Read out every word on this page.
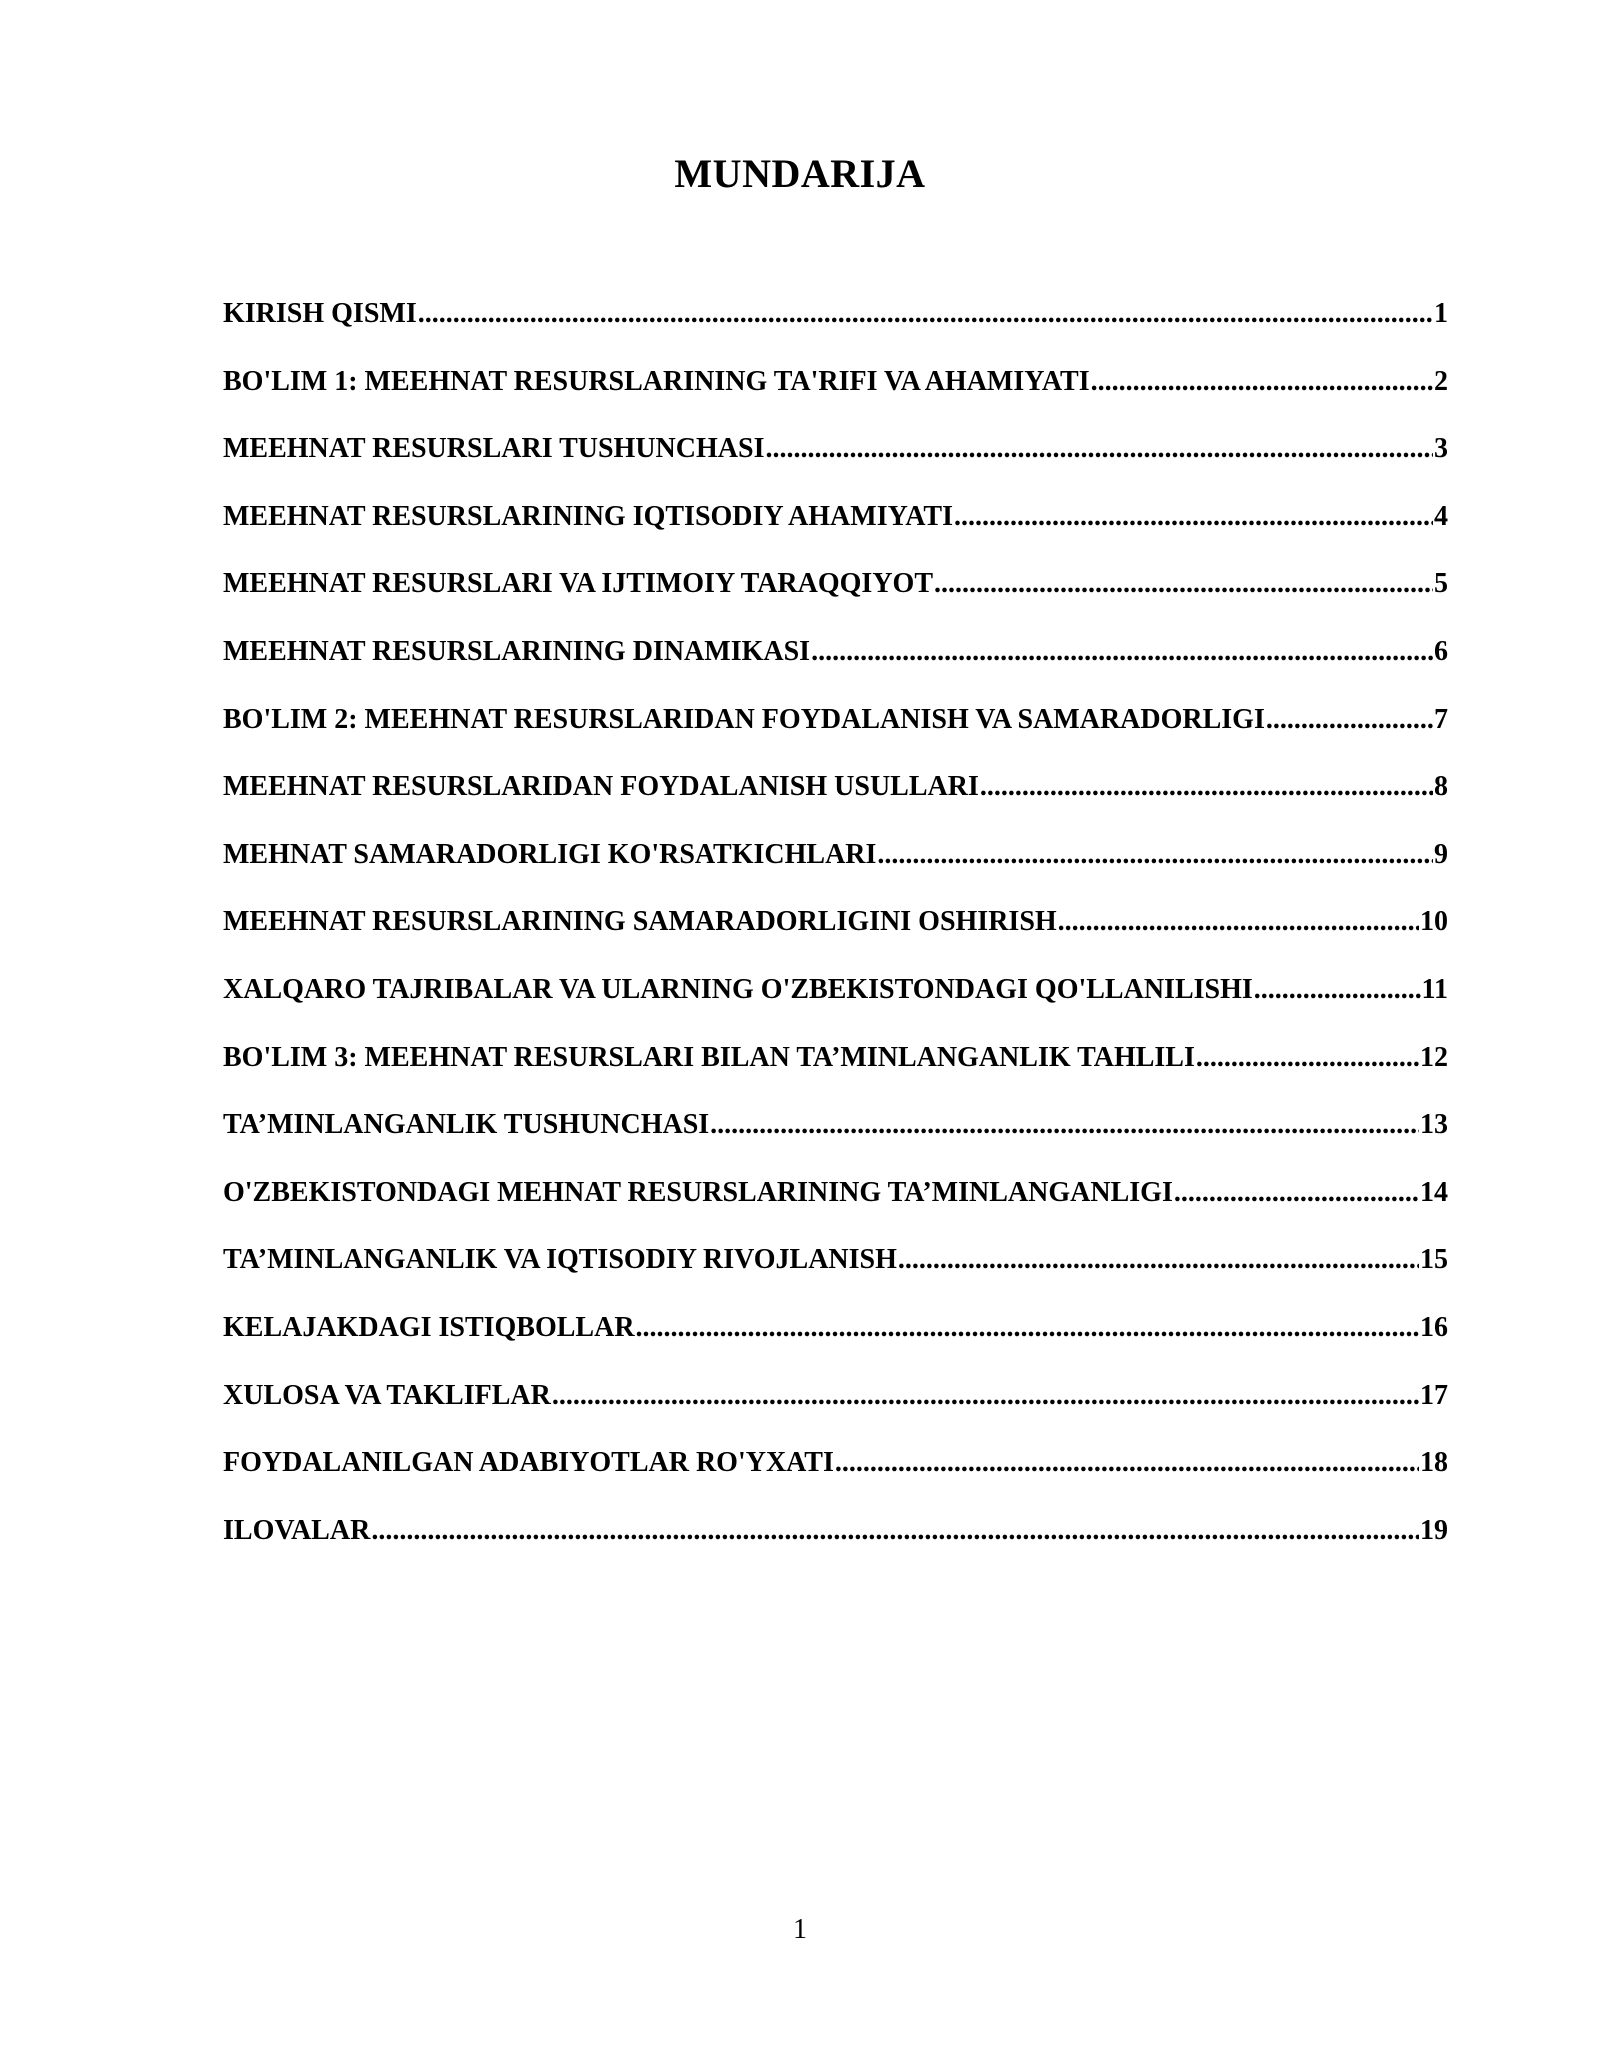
MUNDARIJA
KIRISH QISMI .....	1
BO'LIM 1: MEEHNAT RESURSLARINING TA'RIFI VA AHAMIYATI .....	2
MEEHNAT RESURSLARI TUSHUNCHASI .....	3
MEEHNAT RESURSLARINING IQTISODIY AHAMIYATI .....	4
MEEHNAT RESURSLARI VA IJTIMOIY TARAQQIYOT .....	5
MEEHNAT RESURSLARINING DINAMIKASI .....	6
BO'LIM 2: MEEHNAT RESURSLARIDAN FOYDALANISH VA SAMARADORLIGI .....	7
MEEHNAT RESURSLARIDAN FOYDALANISH USULLARI .....	8
MEHNAT SAMARADORLIGI KO'RSATKICHLARI .....	9
MEEHNAT RESURSLARINING SAMARADORLIGINI OSHIRISH .....	10
XALQARO TAJRIBALAR VA ULARNING O'ZBEKISTONDAGI QO'LLANILISHI .....	11
BO'LIM 3: MEEHNAT RESURSLARI BILAN TA’MINLANGANLIK TAHLILI .....	12
TA’MINLANGANLIK TUSHUNCHASI .....	13
O'ZBEKISTONDAGI MEHNAT RESURSLARINING TA’MINLANGANLIGI .....	14
TA’MINLANGANLIK VA IQTISODIY RIVOJLANISH .....	15
KELAJAKDAGI ISTIQBOLLAR .....	16
XULOSA VA TAKLIFLAR .....	17
FOYDALANILGAN ADABIYOTLAR RO'YXATI .....	18
ILOVALAR .....	19
1
